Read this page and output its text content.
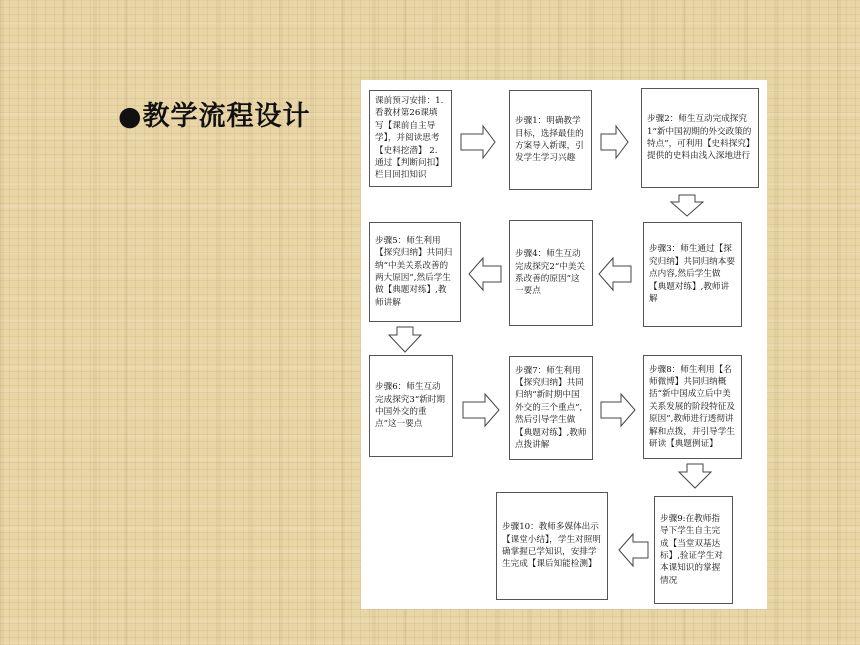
●教学流程设计	课前预习安排：1.看教材第26课填写【课前自主导学】，并阅读思考【史料挖潜】 2.通过【判断问扣】栏目回扣知识
步骤1：明确教学目标，选择最佳的方案导入新课，引发学生学习兴趣
步骤2：师生互动完成探究1“新中国初期的外交政策的特点”，可利用【史料探究】提供的史料由浅入深地进行
步骤5：师生利用【探究归纳】共同归纳“中美关系改善的两大原因”,然后学生做【典题对练】,教师讲解
步骤4：师生互动完成探究2“中美关系改善的原因”这一要点
步骤3：师生通过【探究归纳】共同归纳本要点内容,然后学生做【典题对练】,教师讲解
步骤6：师生互动完成探究3“新时期中国外交的重点”这一要点
步骤7：师生利用【探究归纳】共同归纳“新时期中国外交的三个重点”,然后引导学生做【典题对练】,教师点拨讲解
步骤8：师生利用【名师微博】共同归纳概括“新中国成立后中美关系发展的阶段特征及原因”,教师进行透彻讲解和点拨，并引导学生研读【典题例证】
步骤10：教师多媒体出示【课堂小结】，学生对照明确掌握已学知识，安排学生完成【课后知能检测】
步骤9:在教师指导下学生自主完成【当堂双基达标】,验证学生对本课知识的掌握情况
